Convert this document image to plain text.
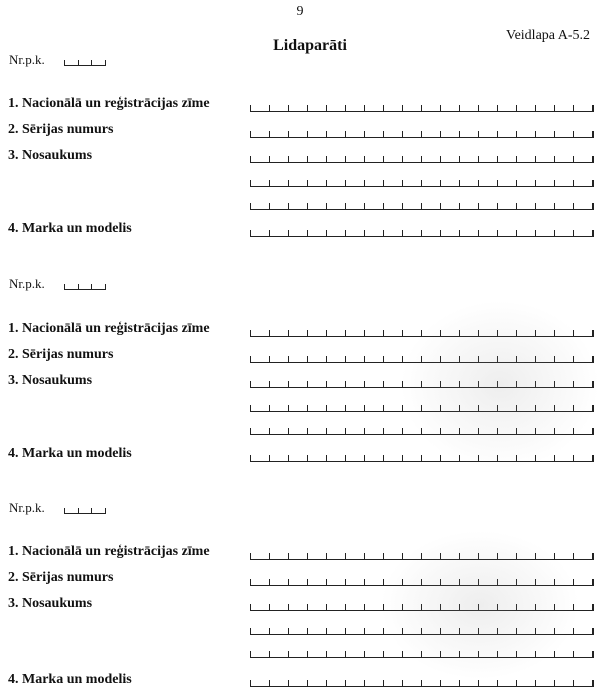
9
Lidaparāti
Veidlapa A-5.2
Nr.p.k.
1. Nacionālā un reģistrācijas zīme
2. Sērijas numurs
3. Nosaukums
4. Marka un modelis
Nr.p.k.
1. Nacionālā un reģistrācijas zīme
2. Sērijas numurs
3. Nosaukums
4. Marka un modelis
Nr.p.k.
1. Nacionālā un reģistrācijas zīme
2. Sērijas numurs
3. Nosaukums
4. Marka un modelis
